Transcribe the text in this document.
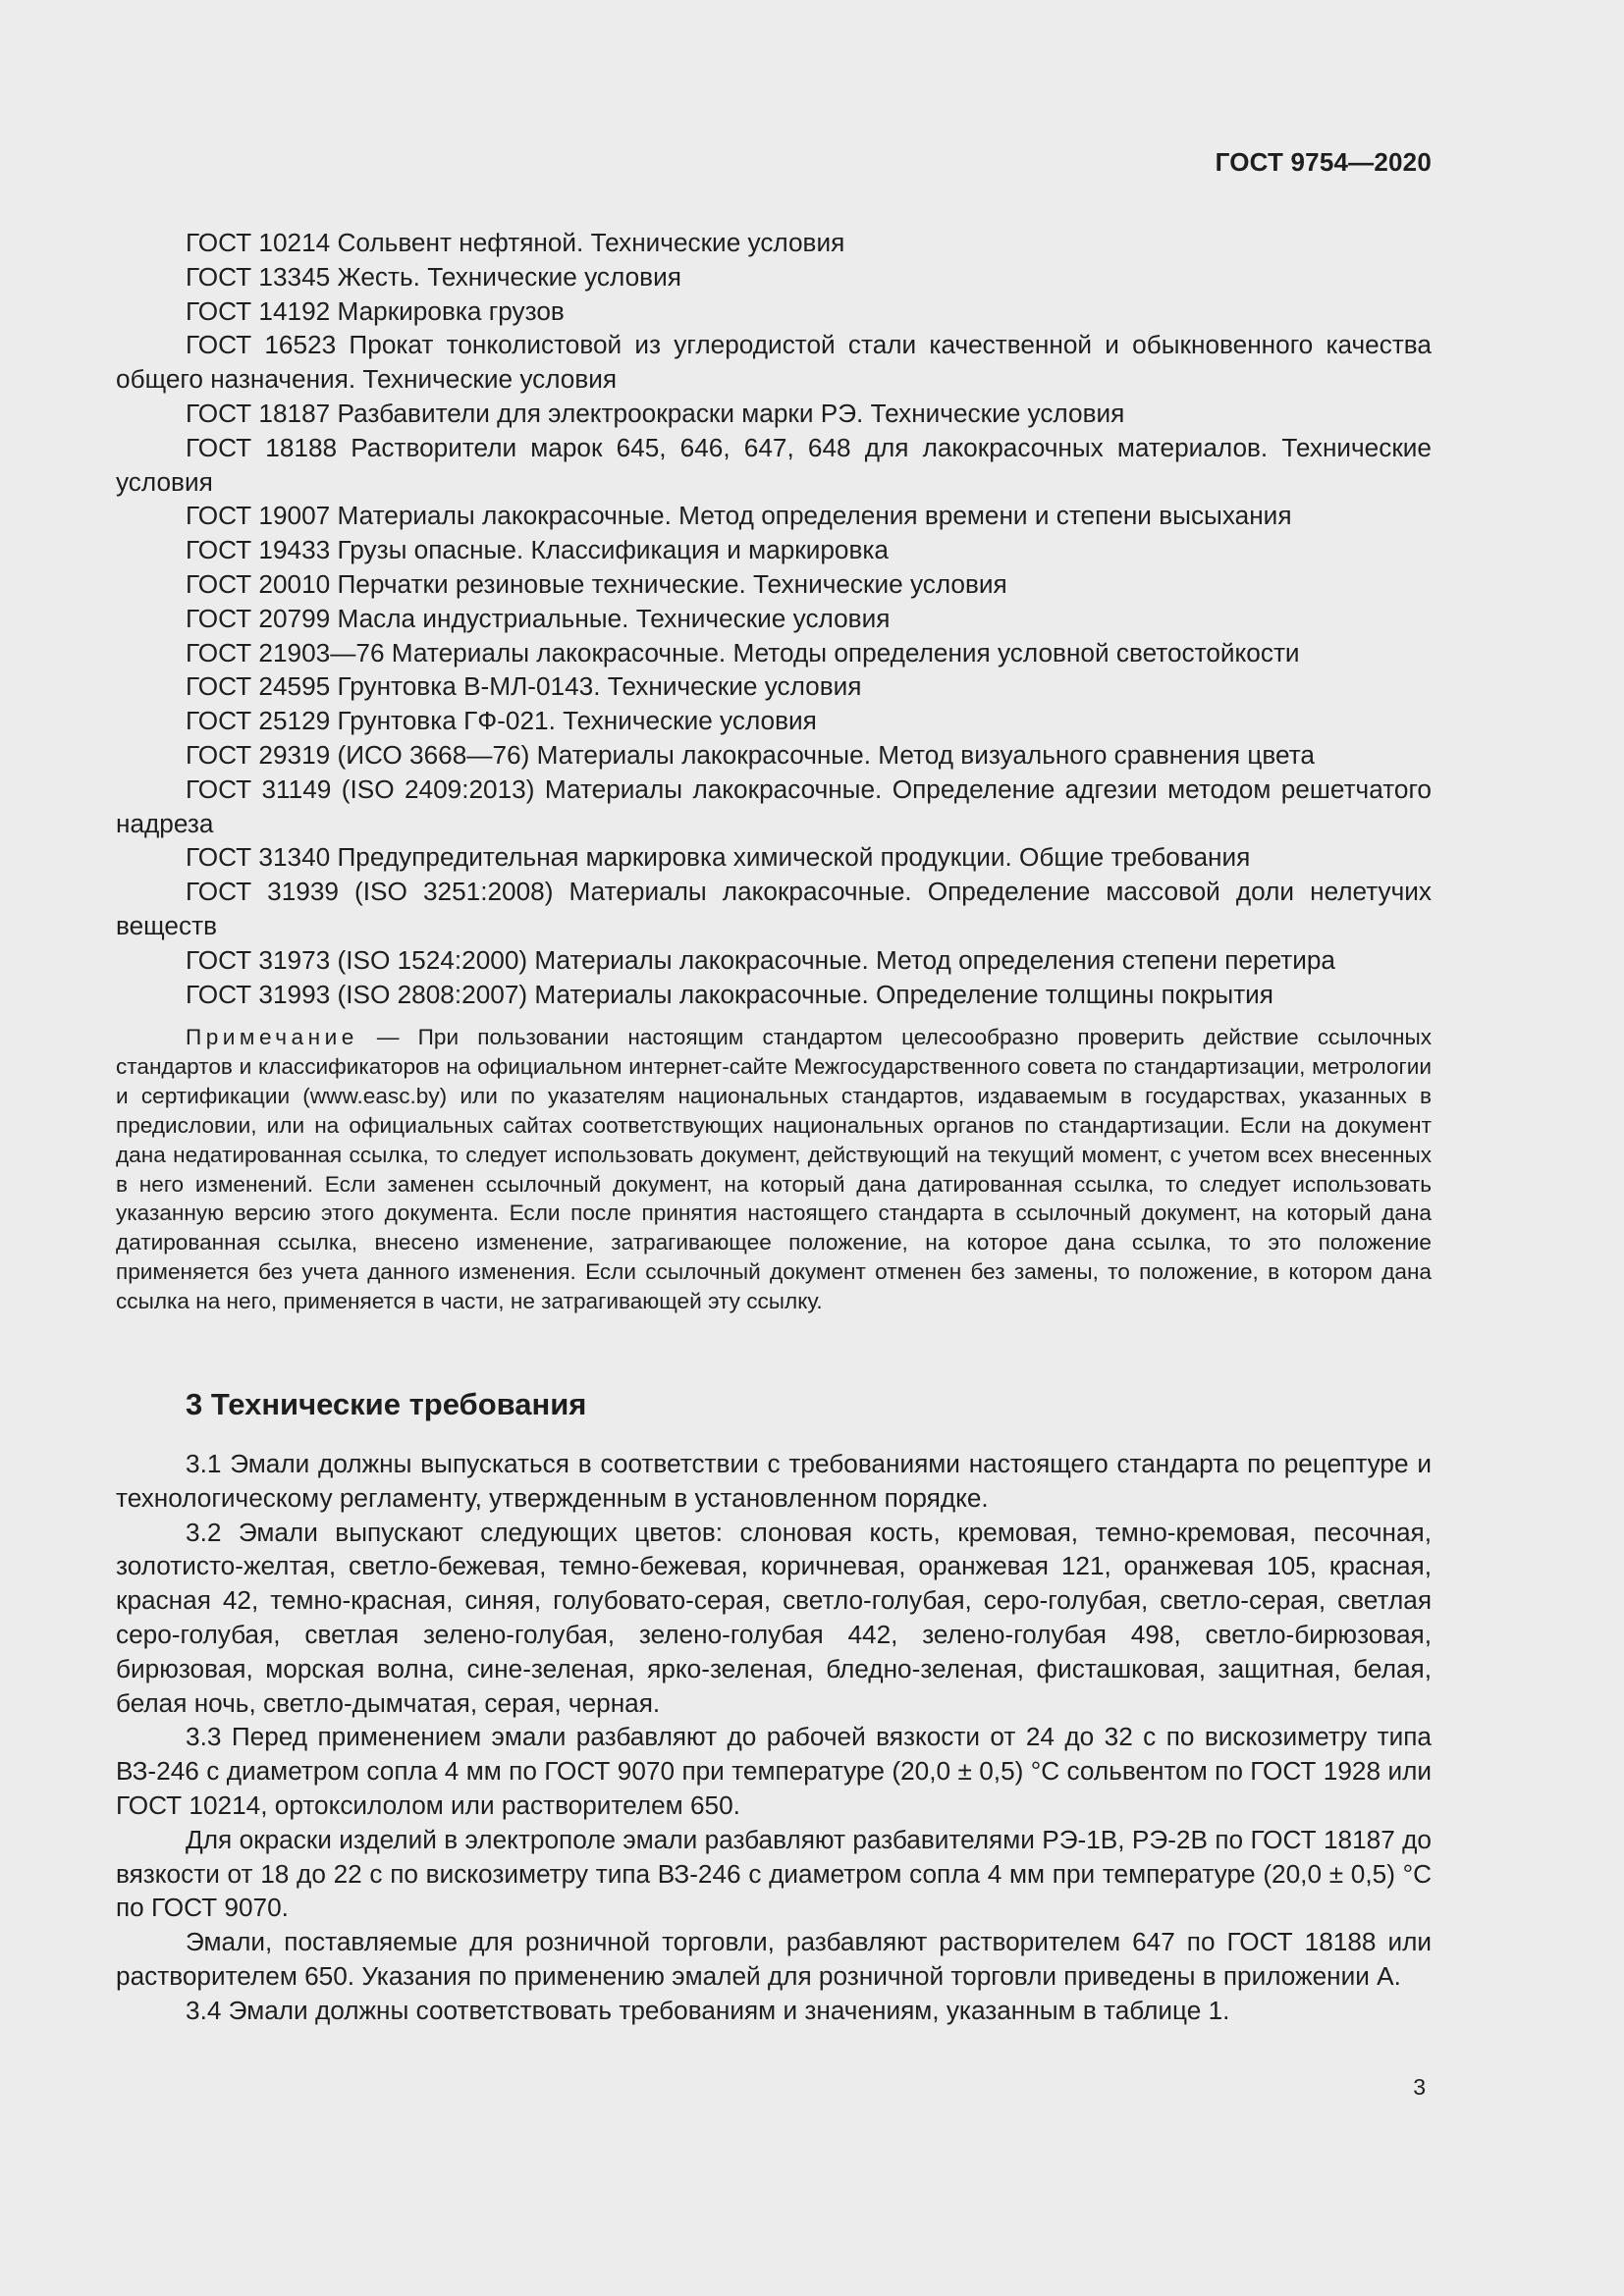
ГОСТ 9754—2020
ГОСТ 10214 Сольвент нефтяной. Технические условия
ГОСТ 13345 Жесть. Технические условия
ГОСТ 14192 Маркировка грузов
ГОСТ 16523 Прокат тонколистовой из углеродистой стали качественной и обыкновенного качества общего назначения. Технические условия
ГОСТ 18187 Разбавители для электроокраски марки РЭ. Технические условия
ГОСТ 18188 Растворители марок 645, 646, 647, 648 для лакокрасочных материалов. Технические условия
ГОСТ 19007 Материалы лакокрасочные. Метод определения времени и степени высыхания
ГОСТ 19433 Грузы опасные. Классификация и маркировка
ГОСТ 20010 Перчатки резиновые технические. Технические условия
ГОСТ 20799 Масла индустриальные. Технические условия
ГОСТ 21903—76 Материалы лакокрасочные. Методы определения условной светостойкости
ГОСТ 24595 Грунтовка В-МЛ-0143. Технические условия
ГОСТ 25129 Грунтовка ГФ-021. Технические условия
ГОСТ 29319 (ИСО 3668—76) Материалы лакокрасочные. Метод визуального сравнения цвета
ГОСТ 31149 (ISO 2409:2013) Материалы лакокрасочные. Определение адгезии методом решетчатого надреза
ГОСТ 31340 Предупредительная маркировка химической продукции. Общие требования
ГОСТ 31939 (ISO 3251:2008) Материалы лакокрасочные. Определение массовой доли нелетучих веществ
ГОСТ 31973 (ISO 1524:2000) Материалы лакокрасочные. Метод определения степени перетира
ГОСТ 31993 (ISO 2808:2007) Материалы лакокрасочные. Определение толщины покрытия
Примечание — При пользовании настоящим стандартом целесообразно проверить действие ссылочных стандартов и классификаторов на официальном интернет-сайте Межгосударственного совета по стандартизации, метрологии и сертификации (www.easc.by) или по указателям национальных стандартов, издаваемым в государствах, указанных в предисловии, или на официальных сайтах соответствующих национальных органов по стандартизации. Если на документ дана недатированная ссылка, то следует использовать документ, действующий на текущий момент, с учетом всех внесенных в него изменений. Если заменен ссылочный документ, на который дана датированная ссылка, то следует использовать указанную версию этого документа. Если после принятия настоящего стандарта в ссылочный документ, на который дана датированная ссылка, внесено изменение, затрагивающее положение, на которое дана ссылка, то это положение применяется без учета данного изменения. Если ссылочный документ отменен без замены, то положение, в котором дана ссылка на него, применяется в части, не затрагивающей эту ссылку.
3 Технические требования

3.1 Эмали должны выпускаться в соответствии с требованиями настоящего стандарта по рецептуре и технологическому регламенту, утвержденным в установленном порядке.

3.2 Эмали выпускают следующих цветов: слоновая кость, кремовая, темно-кремовая, песочная, золотисто-желтая, светло-бежевая, темно-бежевая, коричневая, оранжевая 121, оранжевая 105, красная, красная 42, темно-красная, синяя, голубовато-серая, светло-голубая, серо-голубая, светло-серая, светлая серо-голубая, светлая зелено-голубая, зелено-голубая 442, зелено-голубая 498, светло-бирюзовая, бирюзовая, морская волна, сине-зеленая, ярко-зеленая, бледно-зеленая, фисташковая, защитная, белая, белая ночь, светло-дымчатая, серая, черная.

3.3 Перед применением эмали разбавляют до рабочей вязкости от 24 до 32 с по вискозиметру типа ВЗ-246 с диаметром сопла 4 мм по ГОСТ 9070 при температуре (20,0 ± 0,5) °С сольвентом по ГОСТ 1928 или ГОСТ 10214, ортоксилолом или растворителем 650.

Для окраски изделий в электрополе эмали разбавляют разбавителями РЭ-1В, РЭ-2В по ГОСТ 18187 до вязкости от 18 до 22 с по вискозиметру типа ВЗ-246 с диаметром сопла 4 мм при температуре (20,0 ± 0,5) °С по ГОСТ 9070.

Эмали, поставляемые для розничной торговли, разбавляют растворителем 647 по ГОСТ 18188 или растворителем 650. Указания по применению эмалей для розничной торговли приведены в приложении А.

3.4 Эмали должны соответствовать требованиям и значениям, указанным в таблице 1.

3
